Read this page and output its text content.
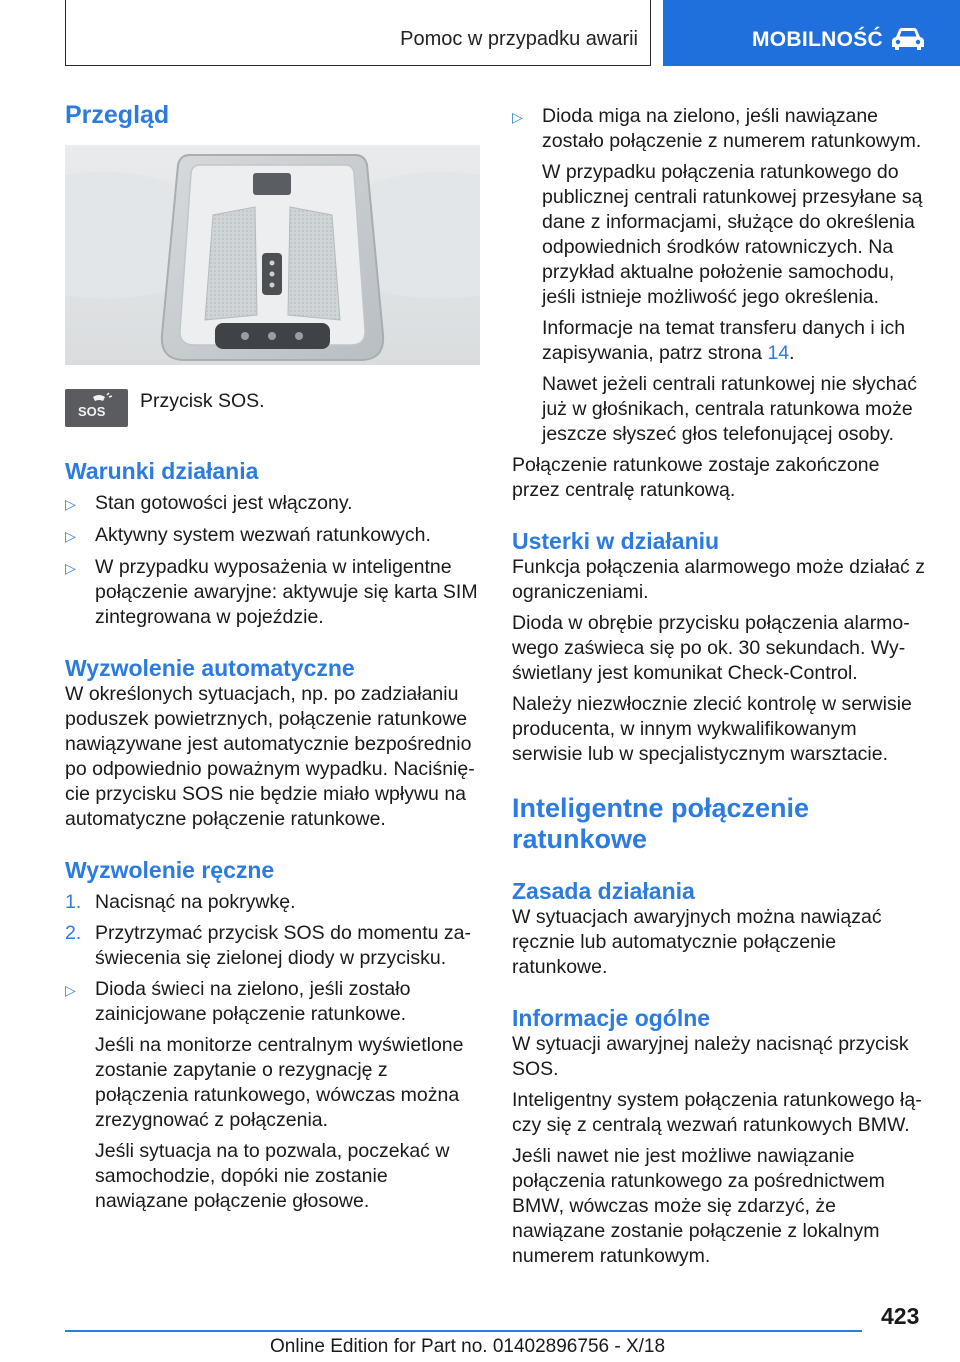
Pomoc w przypadku awarii	MOBILNOŚĆ
Przegląd
SOS Przycisk SOS.
Warunki działania
▷ Stan gotowości jest włączony.
▷ Aktywny system wezwań ratunkowych.
▷ W przypadku wyposażenia w inteligentne połączenie awaryjne: aktywuje się karta SIM zintegrowana w pojeździe.
Wyzwolenie automatyczne

W określonych sytuacjach, np. po zadziałaniu poduszek powietrznych, połączenie ratunkowe nawiązywane jest automatycznie bezpośrednio po odpowiednio poważnym wypadku. Naciśnięcie przycisku SOS nie będzie miało wpływu na automatyczne połączenie ratunkowe.

Wyzwolenie ręczne
1. Nacisnąć na pokrywkę.
2. Przytrzymać przycisk SOS do momentu zaświecenia się zielonej diody w przycisku.
▷ Dioda świeci na zielono, jeśli zostało zainicjowane połączenie ratunkowe.

Jeśli na monitorze centralnym wyświetlone zostanie zapytanie o rezygnację z połączenia ratunkowego, wówczas można zrezygnować z połączenia.

Jeśli sytuacja na to pozwala, poczekać w samochodzie, dopóki nie zostanie nawiązane połączenie głosowe.

▷ Dioda miga na zielono, jeśli nawiązane zostało połączenie z numerem ratunkowym.

W przypadku połączenia ratunkowego do publicznej centrali ratunkowej przesyłane są dane z informacjami, służące do określenia odpowiednich środków ratowniczych. Na przykład aktualne położenie samochodu, jeśli istnieje możliwość jego określenia.

Informacje na temat transferu danych i ich zapisywania, patrz strona 14.

Nawet jeżeli centrali ratunkowej nie słychać już w głośnikach, centrala ratunkowa może jeszcze słyszeć głos telefonującej osoby.

Połączenie ratunkowe zostaje zakończone przez centralę ratunkową.

Usterki w działaniu

Funkcja połączenia alarmowego może działać z ograniczeniami.

Dioda w obrębie przycisku połączenia alarmowego zaświeca się po ok. 30 sekundach. Wyświetlany jest komunikat Check-Control.

Należy niezwłocznie zlecić kontrolę w serwisie producenta, w innym wykwalifikowanym serwisie lub w specjalistycznym warsztacie.

Inteligentne połączenie
ratunkowe
Zasada działania

W sytuacjach awaryjnych można nawiązać ręcznie lub automatycznie połączenie ratunkowe.

Informacje ogólne

W sytuacji awaryjnej należy nacisnąć przycisk SOS.

Inteligentny system połączenia ratunkowego łączy się z centralą wezwań ratunkowych BMW.

Jeśli nawet nie jest możliwe nawiązanie połączenia ratunkowego za pośrednictwem BMW, wówczas może się zdarzyć, że nawiązane zostanie połączenie z lokalnym numerem ratunkowym.

423
Online Edition for Part no. 01402896756 - X/18
